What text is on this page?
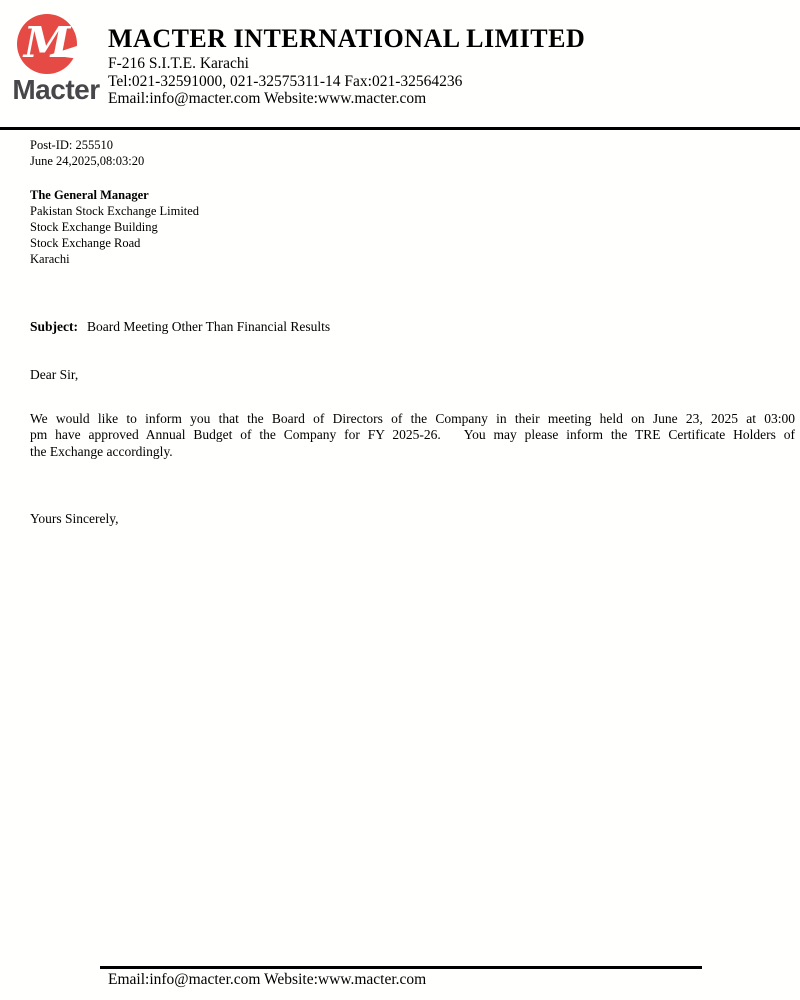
M
Macter
MACTER INTERNATIONAL LIMITED
F-216 S.I.T.E. Karachi
Tel:021-32591000, 021-32575311-14 Fax:021-32564236
Email:info@macter.com Website:www.macter.com
Post-ID: 255510
June 24,2025,08:03:20
The General Manager
Pakistan Stock Exchange Limited
Stock Exchange Building
Stock Exchange Road
Karachi
Subject: Board Meeting Other Than Financial Results
Dear Sir,
We would like to inform you that the Board of Directors of the Company in their meeting held on June 23, 2025 at 03:00
pm have approved Annual Budget of the Company for FY 2025-26.   You may please inform the TRE Certificate Holders of
the Exchange accordingly.
Yours Sincerely,
Email:info@macter.com Website:www.macter.com
